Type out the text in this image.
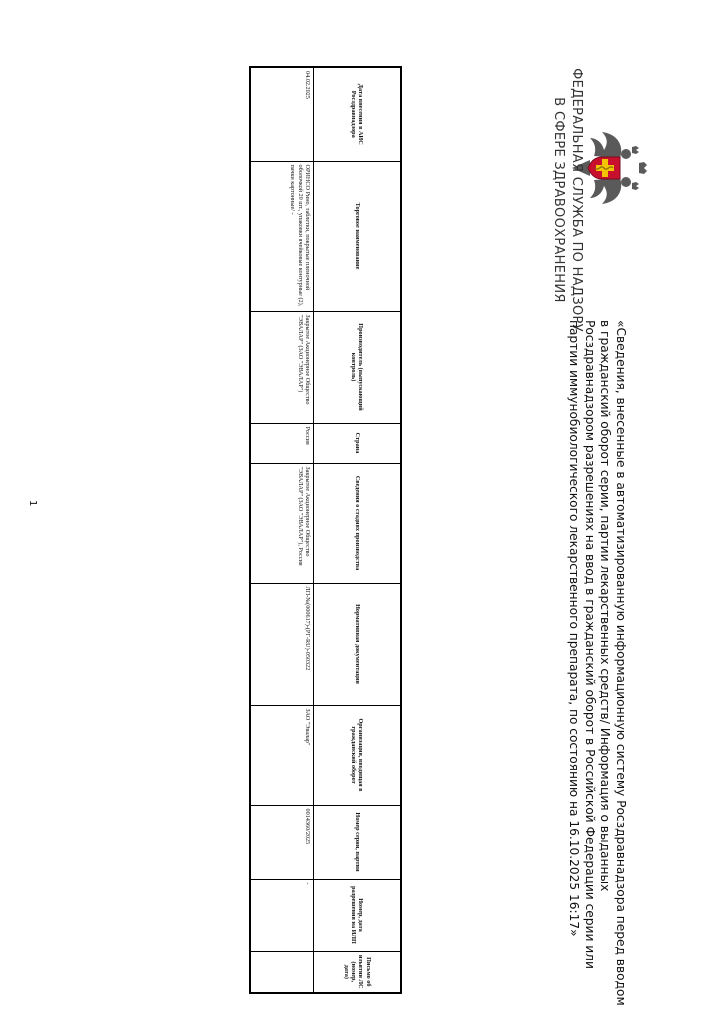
ФЕДЕРАЛЬНАЯ СЛУЖБА ПО НАДЗОРУ
В СФЕРЕ ЗДРАВООХРАНЕНИЯ
«Сведения, внесенные в автоматизированную информационную систему Росздравнадзора перед вводом в гражданский оборот серии, партии лекарственных средств/ Информация о выданных Росздравнадзором разрешениях на ввод в гражданский оборот в Российской Федерации серии или партии иммунобиологического лекарственного препарата, по состоянию на 16.10.2025 16:17»
Дата внесения в АИС Росздравнадзора	Торговое наименование	Производитель (выпускающий контроль)	Страна	Сведения о стадиях производства	Нормативная документация	Организация, вводящая в гражданский оборот	Номер серии, партии	Номер, дата разрешения на ИЛП	Письмо об изъятии ЛС (номер, дата)
04.02.2025	ОРИНСО Рино, таблетки, покрытые пленочной оболочкой 20 шт., упаковки ячейковые контурные (2), пачки картонные/ -	Закрытое Акционерное Общество "ЭВАЛАР" (ЗАО "ЭВАЛАР")	Россия	Закрытое Акционерное Общество "ЭВАЛАР" (ЗАО "ЭВАЛАР"), Россия	ЛП-№(000617)-(РГ-RU)-050322	ЗАО "Эвалар"	0014360/2025	-	
1
